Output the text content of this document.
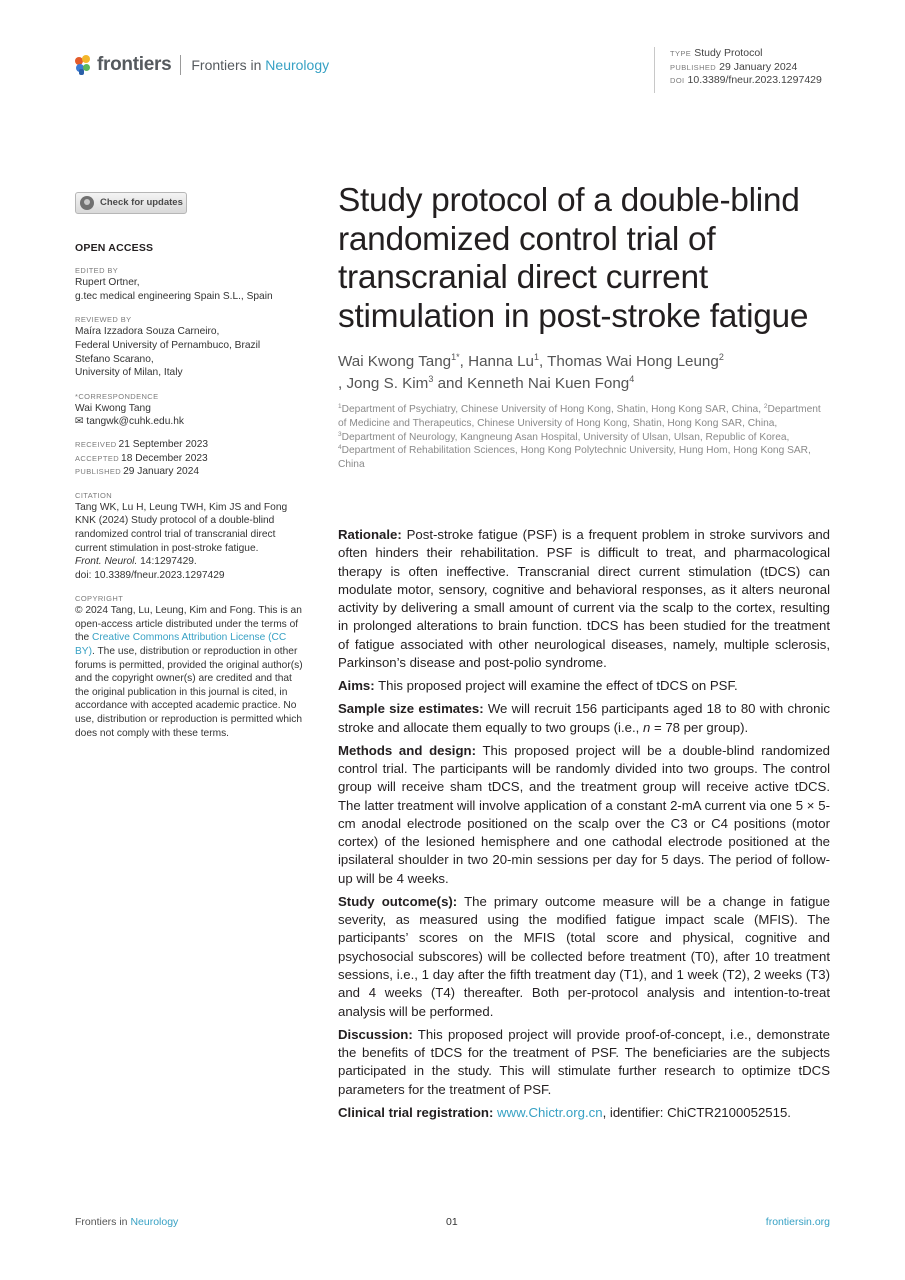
frontiers Frontiers in Neurology
TYPE Study Protocol
PUBLISHED 29 January 2024
DOI 10.3389/fneur.2023.1297429
Check for updates
OPEN ACCESS
EDITED BY
Rupert Ortner,
g.tec medical engineering Spain S.L., Spain
REVIEWED BY
Maíra Izzadora Souza Carneiro,
Federal University of Pernambuco, Brazil
Stefano Scarano,
University of Milan, Italy
*CORRESPONDENCE
Wai Kwong Tang
✉ tangwk@cuhk.edu.hk
RECEIVED 21 September 2023
ACCEPTED 18 December 2023
PUBLISHED 29 January 2024
CITATION
Tang WK, Lu H, Leung TWH, Kim JS and Fong KNK (2024) Study protocol of a double-blind randomized control trial of transcranial direct current stimulation in post-stroke fatigue.
Front. Neurol. 14:1297429.
doi: 10.3389/fneur.2023.1297429
COPYRIGHT
© 2024 Tang, Lu, Leung, Kim and Fong. This is an open-access article distributed under the terms of the Creative Commons Attribution License (CC BY). The use, distribution or reproduction in other forums is permitted, provided the original author(s) and the copyright owner(s) are credited and that the original publication in this journal is cited, in accordance with accepted academic practice. No use, distribution or reproduction is permitted which does not comply with these terms.
Study protocol of a double-blind randomized control trial of transcranial direct current stimulation in post-stroke fatigue
Wai Kwong Tang$^{1*}$, Hanna Lu$^1$, Thomas Wai Hong Leung$^2$
, Jong S. Kim$^3$ and Kenneth Nai Kuen Fong$^4$
$^1$Department of Psychiatry, Chinese University of Hong Kong, Shatin, Hong Kong SAR, China, $^2$Department of Medicine and Therapeutics, Chinese University of Hong Kong, Shatin, Hong Kong SAR, China, $^3$Department of Neurology, Kangneung Asan Hospital, University of Ulsan, Ulsan, Republic of Korea, $^4$Department of Rehabilitation Sciences, Hong Kong Polytechnic University, Hung Hom, Hong Kong SAR, China

Rationale: Post-stroke fatigue (PSF) is a frequent problem in stroke survivors and often hinders their rehabilitation. PSF is difficult to treat, and pharmacological therapy is often ineffective. Transcranial direct current stimulation (tDCS) can modulate motor, sensory, cognitive and behavioral responses, as it alters neuronal activity by delivering a small amount of current via the scalp to the cortex, resulting in prolonged alterations to brain function. tDCS has been studied for the treatment of fatigue associated with other neurological diseases, namely, multiple sclerosis, Parkinson’s disease and post-polio syndrome.

Aims: This proposed project will examine the effect of tDCS on PSF.

Sample size estimates: We will recruit 156 participants aged 18 to 80 with chronic stroke and allocate them equally to two groups (i.e., n = 78 per group).

Methods and design: This proposed project will be a double-blind randomized control trial. The participants will be randomly divided into two groups. The control group will receive sham tDCS, and the treatment group will receive active tDCS. The latter treatment will involve application of a constant 2-mA current via one 5 × 5-cm anodal electrode positioned on the scalp over the C3 or C4 positions (motor cortex) of the lesioned hemisphere and one cathodal electrode positioned at the ipsilateral shoulder in two 20-min sessions per day for 5 days. The period of follow-up will be 4 weeks.

Study outcome(s): The primary outcome measure will be a change in fatigue severity, as measured using the modified fatigue impact scale (MFIS). The participants’ scores on the MFIS (total score and physical, cognitive and psychosocial subscores) will be collected before treatment (T0), after 10 treatment sessions, i.e., 1 day after the fifth treatment day (T1), and 1 week (T2), 2 weeks (T3) and 4 weeks (T4) thereafter. Both per-protocol analysis and intention-to-treat analysis will be performed.

Discussion: This proposed project will provide proof-of-concept, i.e., demonstrate the benefits of tDCS for the treatment of PSF. The beneficiaries are the subjects participated in the study. This will stimulate further research to optimize tDCS parameters for the treatment of PSF.

Clinical trial registration: www.Chictr.org.cn, identifier: ChiCTR2100052515.

Frontiers in Neurology	01	frontiersin.org
